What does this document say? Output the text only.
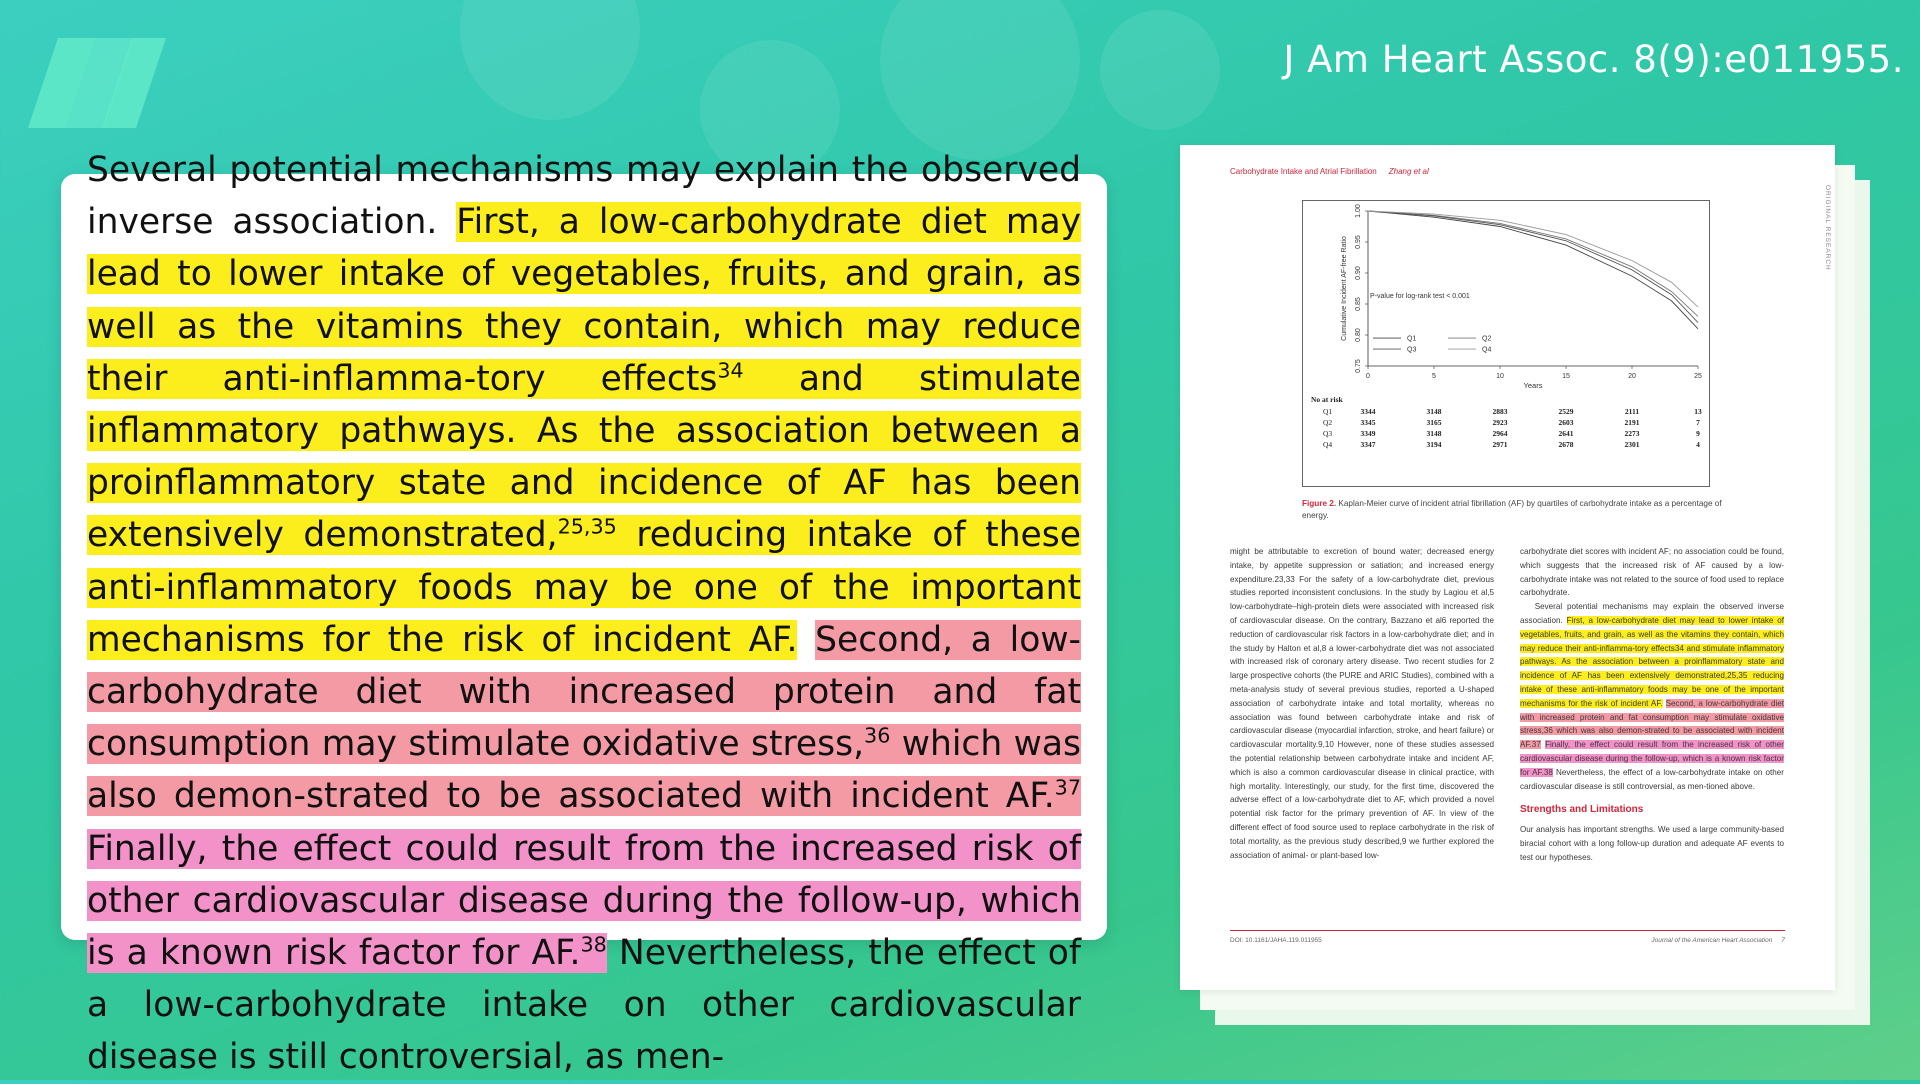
J Am Heart Assoc. 8(9):e011955.

Several potential mechanisms may explain the observed inverse association. First, a low-carbohydrate diet may lead to lower intake of vegetables, fruits, and grain, as well as the vitamins they contain, which may reduce their anti-inflamma-tory effects$^{34}$ and stimulate inflammatory pathways. As the association between a proinflammatory state and incidence of AF has been extensively demonstrated,$^{25,35}$ reducing intake of these anti-inflammatory foods may be one of the important mechanisms for the risk of incident AF. Second, a low-carbohydrate diet with increased protein and fat consumption may stimulate oxidative stress,$^{36}$ which was also demon-strated to be associated with incident AF.$^{37}$ Finally, the effect could result from the increased risk of other cardiovascular disease during the follow-up, which is a known risk factor for AF.$^{38}$ Nevertheless, the effect of a low-carbohydrate intake on other cardiovascular disease is still controversial, as men-

Carbohydrate Intake and Atrial Fibrillation Zhang et al
ORIGINAL RESEARCH
0	5	10	15	20	25
0.75
0.80
0.85
0.90
0.95
1.00
Years
Cumulative Incident AF-free Ratio	P-value for log-rank test < 0.001
Q1	Q2
Q3	Q4
No at risk
Q1	3344	3148	2883	2529	2111	13
Q2	3345	3165	2923	2603	2191	7
Q3	3349	3148	2964	2641	2273	9
Q4	3347	3194	2971	2678	2301	4
Figure 2. Kaplan-Meier curve of incident atrial fibrillation (AF) by quartiles of carbohydrate intake as a percentage of energy.

might be attributable to excretion of bound water; decreased energy intake, by appetite suppression or satiation; and increased energy expenditure.23,33 For the safety of a low-carbohydrate diet, previous studies reported inconsistent conclusions. In the study by Lagiou et al,5 low-carbohydrate–high-protein diets were associated with increased risk of cardiovascular disease. On the contrary, Bazzano et al6 reported the reduction of cardiovascular risk factors in a low-carbohydrate diet; and in the study by Halton et al,8 a lower-carbohydrate diet was not associated with increased risk of coronary artery disease. Two recent studies for 2 large prospective cohorts (the PURE and ARIC Studies), combined with a meta-analysis study of several previous studies, reported a U-shaped association of carbohydrate intake and total mortality, whereas no association was found between carbohydrate intake and risk of cardiovascular disease (myocardial infarction, stroke, and heart failure) or cardiovascular mortality.9,10 However, none of these studies assessed the potential relationship between carbohydrate intake and incident AF, which is also a common cardiovascular disease in clinical practice, with high mortality. Interestingly, our study, for the first time, discovered the adverse effect of a low-carbohydrate diet to AF, which provided a novel potential risk factor for the primary prevention of AF. In view of the different effect of food source used to replace carbohydrate in the risk of total mortality, as the previous study described,9 we further explored the association of animal- or plant-based low-

carbohydrate diet scores with incident AF; no association could be found, which suggests that the increased risk of AF caused by a low-carbohydrate intake was not related to the source of food used to replace carbohydrate.

Several potential mechanisms may explain the observed inverse association. First, a low-carbohydrate diet may lead to lower intake of vegetables, fruits, and grain, as well as the vitamins they contain, which may reduce their anti-inflamma-tory effects34 and stimulate inflammatory pathways. As the association between a proinflammatory state and incidence of AF has been extensively demonstrated,25,35 reducing intake of these anti-inflammatory foods may be one of the important mechanisms for the risk of incident AF. Second, a low-carbohydrate diet with increased protein and fat consumption may stimulate oxidative stress,36 which was also demon-strated to be associated with incident AF.37 Finally, the effect could result from the increased risk of other cardiovascular disease during the follow-up, which is a known risk factor for AF.38 Nevertheless, the effect of a low-carbohydrate intake on other cardiovascular disease is still controversial, as men-tioned above.

Strengths and Limitations

Our analysis has important strengths. We used a large community-based biracial cohort with a long follow-up duration and adequate AF events to test our hypotheses.

DOI: 10.1161/JAHA.119.011955	Journal of the American Heart Association 7
